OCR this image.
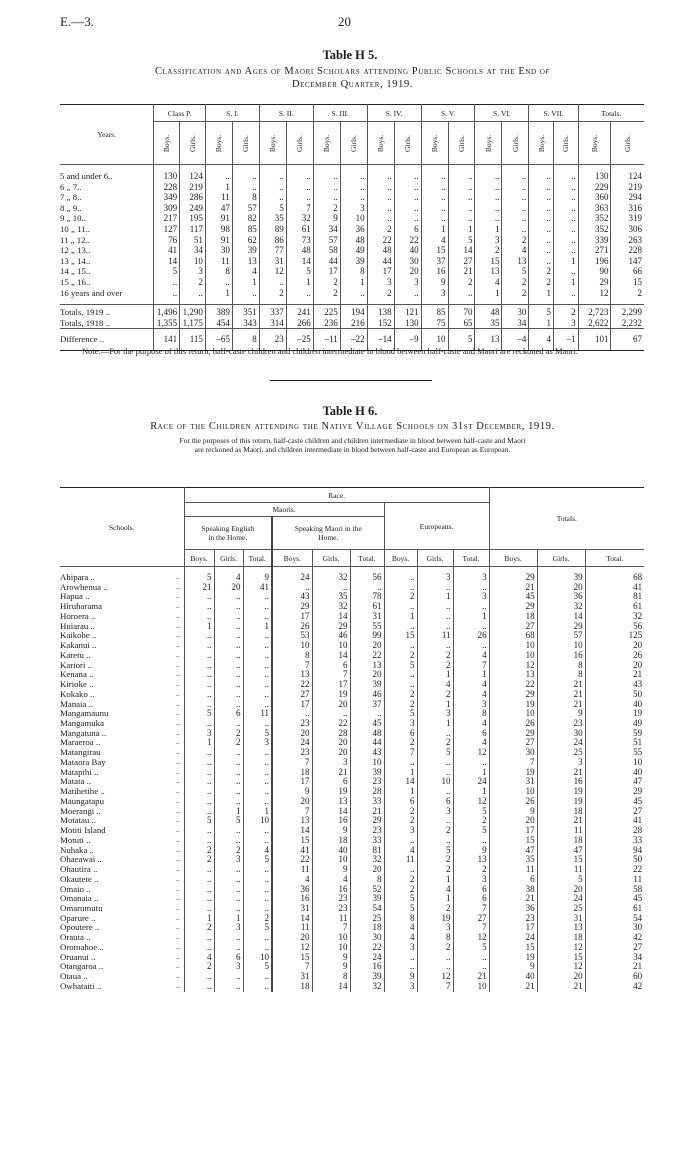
E.—3.	20
Table H 5.
Classification and Ages of Maori Scholars attending Public Schools at the End of
December Quarter, 1919.
Years.	Class P.		S. I.		S. II.		S. III.		S. IV.		S. V.		S. VI.		S. VII.		Totals.	
	Boys.	Girls.	Boys.	Girls.	Boys.	Girls.	Boys.	Girls.	Boys.	Girls.	Boys.	Girls.	Boys.	Girls.	Boys.	Girls.	Boys.	Girls.

5 and under 6..	130	124	..	..	..	..	..	..	..	..	..	..	..	..	..	..	130	124
6 „ 7..	228	219	1	..	..	..	..	..	..	..	..	..	..	..	..	..	229	219
7 „ 8..	349	286	11	8	..	..	..	..	..	..	..	..	..	..	..	..	360	294
8 „ 9..	309	249	47	57	5	7	2	3	..	..	..	..	..	..	..	..	363	316
9 „ 10..	217	195	91	82	35	32	9	10	..	..	..	..	..	..	..	..	352	319
10 „ 11..	127	117	98	85	89	61	34	36	2	6	1	1	1	..	..	..	352	306
11 „ 12..	76	51	91	62	86	73	57	48	22	22	4	5	3	2	..	..	339	263
12 „ 13..	41	34	30	39	77	48	58	49	48	40	15	14	2	4	..	..	271	228
13 „ 14..	14	10	11	13	31	14	44	39	44	30	37	27	15	13	..	1	196	147
14 „ 15..	5	3	8	4	12	5	17	8	17	20	16	21	13	5	2	..	90	66
15 „ 16..	..	2	..	1	..	1	2	1	3	3	9	2	4	2	2	1	29	15
16 years and over	..	..	1	..	2	..	2	..	2	..	3	..	1	2	1	..	12	2

Totals, 1919 ..	1,496	1,290	389	351	337	241	225	194	138	121	85	70	48	30	5	2	2,723	2,299
Totals, 1918 ..	1,355	1,175	454	343	314	266	236	216	152	130	75	65	35	34	1	3	2,622	2,232
Difference ..	141	115	–65	8	23	–25	–11	–22	–14	–9	10	5	13	–4	4	–1	101	67
Note.—For the purpose of this return, half-caste children and children intermediate in blood between half-caste and Maori are reckoned as Maori.
Table H 6.
Race of the Children attending the Native Village Schools on 31st December, 1919.
For the purposes of this return, half-caste children and children intermediate in blood between half-caste and Maori
are reckoned as Maori, and children intermediate in blood between half-caste and European as European.
Schools.		Race.									Totals.		
		Maoris.						Europeans.					
		Speaking English in the Home.			Speaking Maori in the Home.								
		Boys.	Girls.	Total.	Boys.	Girls.	Total.	Boys.	Girls.	Total.	Boys.	Girls.	Total.
Ahipara ..	..	5	4	9	24	32	56	..	3	3	29	39	68
Arowhenua ..	..	21	20	41	..	..	..	..	..	..	21	20	41
Hapua ..	..	..	..	..	43	35	78	2	1	3	45	36	81
Hiruharama	..	..	..	..	29	32	61	..	..	..	29	32	61
Horoera ..	..	..	..	..	17	14	31	1	..	1	18	14	32
Huiarau ..	..	1	..	1	26	29	55	..	..	..	27	29	56
Kaikohe ..	..	..	..	..	53	46	99	15	11	26	68	57	125
Kakanui ..	..	..	..	..	10	10	20	..	..	..	10	10	20
Karetu ..	..	..	..	..	8	14	22	2	2	4	10	16	26
Kariori ..	..	..	..	..	7	6	13	5	2	7	12	8	20
Kenana ..	..	..	..	..	13	7	20	..	1	1	13	8	21
Kirioke ..	..	..	..	..	22	17	39	..	4	4	22	21	43
Kokako ..	..	..	..	..	27	19	46	2	2	4	29	21	50
Manaia ..	..	..	..	..	17	20	37	2	1	3	19	21	40
Mangamaunu	..	5	6	11	..	..	..	5	3	8	10	9	19
Mangamuka	..	..	..	..	23	22	45	3	1	4	26	23	49
Mangatuna ..	..	3	2	5	20	28	48	6	..	6	29	30	59
Maraeroa ..	..	1	2	3	24	20	44	2	2	4	27	24	51
Matangirau	..	..	..	..	23	20	43	7	5	12	30	25	55
Mataora Bay	..	..	..	..	7	3	10	..	..	..	7	3	10
Matapihi ..	..	..	..	..	18	21	39	1	..	1	19	21	40
Matata ..	..	..	..	..	17	6	23	14	10	24	31	16	47
Matihetihe ..	..	..	..	..	9	19	28	1	..	1	10	19	29
Maungatapu	..	..	..	..	20	13	33	6	6	12	26	19	45
Moerangi ..	..	..	1	1	7	14	21	2	3	5	9	18	27
Motatau ..	..	5	5	10	13	16	29	2	..	2	20	21	41
Motiti Island	..	..	..	..	14	9	23	3	2	5	17	11	28
Motuti ..	..	..	..	..	15	18	33	..	..	..	15	18	33
Nuhaka ..	..	2	2	4	41	40	81	4	5	9	47	47	94
Ohaeawai ..	..	2	3	5	22	10	32	11	2	13	35	15	50
Ohautira ..	..	..	..	..	11	9	20	..	2	2	11	11	22
Okautete ..	..	..	..	..	4	4	8	2	1	3	6	5	11
Omaio ..	..	..	..	..	36	16	52	2	4	6	38	20	58
Omanaia ..	..	..	..	..	16	23	39	5	1	6	21	24	45
Omarumutu	..	..	..	..	31	23	54	5	2	7	36	25	61
Oparure ..	..	1	1	2	14	11	25	8	19	27	23	31	54
Opoutere ..	..	2	3	5	11	7	18	4	3	7	17	13	30
Orauta ..	..	..	..	..	20	10	30	4	8	12	24	18	42
Oromahoe ..	..	..	..	..	12	10	22	3	2	5	15	12	27
Oruanui ..	..	4	6	10	15	9	24	..	..	..	19	15	34
Otangaroa ..	..	2	3	5	7	9	16	..	..	..	9	12	21
Otaua ..	..	..	..	..	31	8	39	9	12	21	40	20	60
Owhataiti ..	..	..	..	..	18	14	32	3	7	10	21	21	42
